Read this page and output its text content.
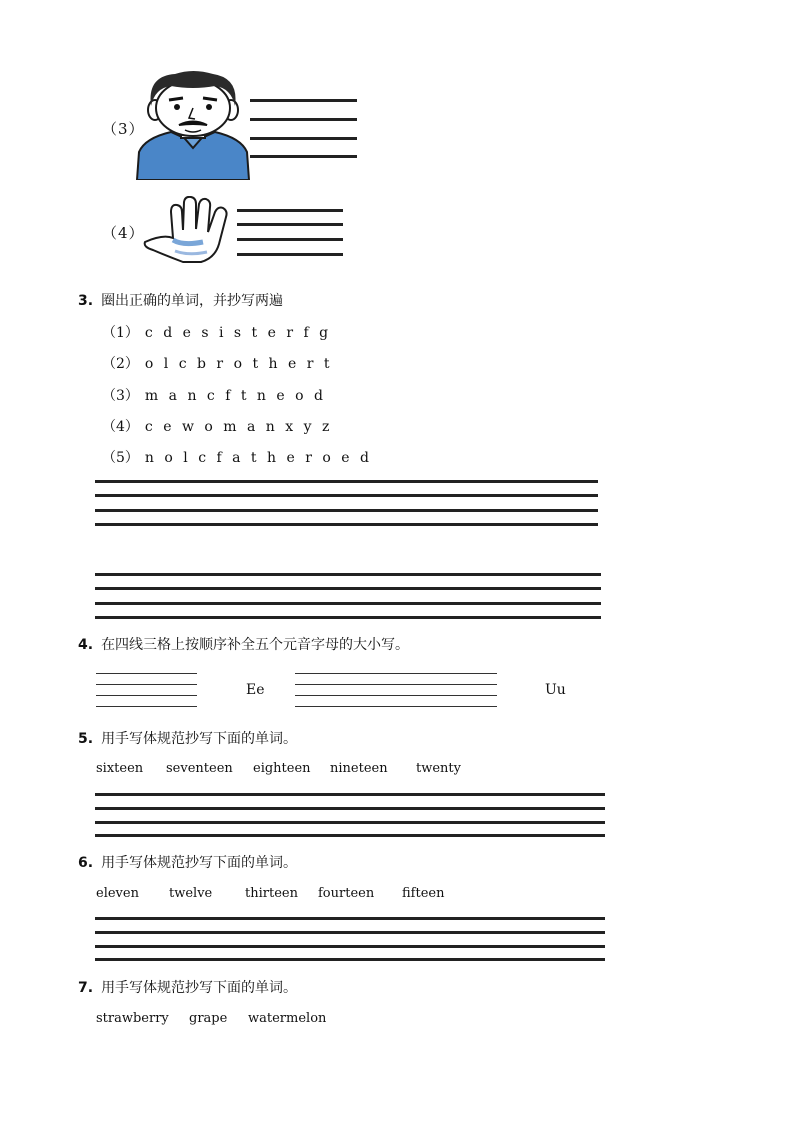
（3）
（4）
3. 圈出正确的单词，并抄写两遍
（1） c d e s i s t e r f g
（2） o l c b r o t h e r t
（3） m a n c f t n e o d
（4） c e w o m a n x y z
（5） n o l c f a t h e r o e d
4. 在四线三格上按顺序补全五个元音字母的大小写。
Ee	Uu
5. 用手写体规范抄写下面的单词。
sixteen seventeen eighteen nineteen twenty
6. 用手写体规范抄写下面的单词。
eleven twelve	thirteen fourteen fifteen
7. 用手写体规范抄写下面的单词。
strawberry grape watermelon
